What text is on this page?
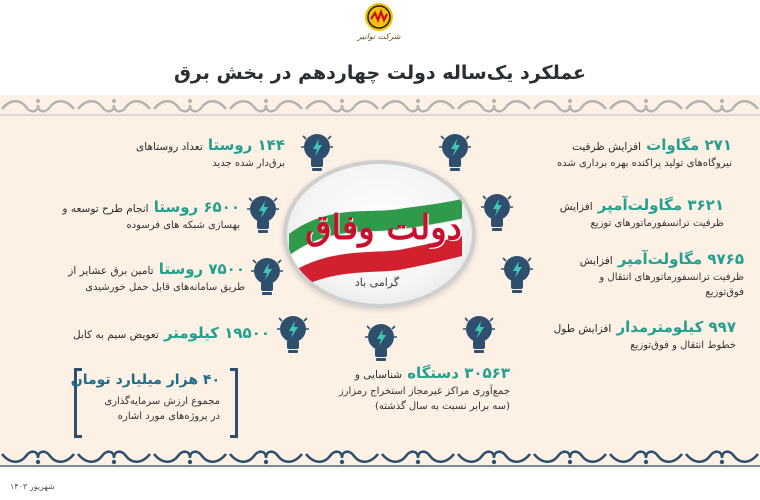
شرکت توانیر
عملکرد یک‌ساله دولت چهاردهم در بخش برق
دولت وفاق
گرامی باد
۲۷۱ مگاوات افزایش ظرفیت
نیروگاه‌های تولید پراکنده بهره برداری شده
۳۶۲۱ مگاولت‌آمپر افزایش
ظرفیت ترانسفورماتورهای توزیع
۹۷۶۵ مگاولت‌آمپر افزایش
ظرفیت ترانسفورماتورهای انتقال و
فوق‌توزیع
۹۹۷ کیلومترمدار افزایش طول
خطوط انتقال و فوق‌توزیع
۱۴۴ روستا تعداد روستاهای
برق‌دار شده جدید
۶۵۰۰ روستا انجام طرح توسعه و
بهسازی شبکه های فرسوده
۷۵۰۰ روستا تامین برق عشایر از
طریق سامانه‌های قابل حمل خورشیدی
۱۹۵۰۰ کیلومتر تعویض سیم به کابل
۳۰۵۶۳ دستگاه شناسایی و
جمع‌آوری مراکز غیرمجاز استخراج رمزارز
(سه برابر نسبت به سال گذشته)
۴۰ هزار میلیارد تومان
مجموع ارزش سرمایه‌گذاری
در پروژه‌های مورد اشاره
شهریور ۱۴۰۳
